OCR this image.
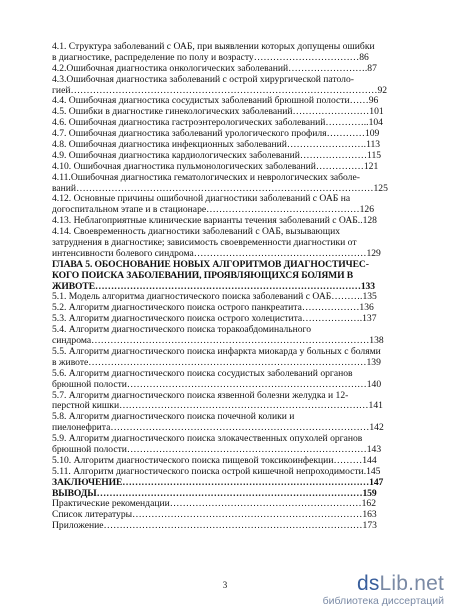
4.1. Структура заболеваний с ОАБ, при выявлении которых допущены ошибки
в диагностике, распределение по полу и возрасту……………………………86
4.2.Ошибочная диагностика онкологических заболеваний…………………….87
4.3.Ошибочная диагностика заболеваний с острой хирургической патоло-
гией……………………………………………………………………………………92
4.4. Ошибочная диагностика сосудистых заболеваний брюшной полости……96
4.5. Ошибки в диагностике гинекологических заболеваний……………………101
4.6. Ошибочная диагностика гастроэнтерологических заболеваний…………..104
4.7. Ошибочная диагностика заболеваний урологического профиля…………109
4.8. Ошибочная диагностика инфекционных заболеваний…………………….113
4.9. Ошибочная диагностика кардиологических заболеваний…………………115
4.10. Ошибочная диагностика пульмонологических заболеваний……………121
4.11.Ошибочная диагностика гематологических и неврологических заболе-
ваний…………………………………………………………………………………125
4.12. Основные причины ошибочной диагностики заболеваний с ОАБ на
догоспитальном этапе и в стационаре…………………………………………126
4.13. Неблагоприятные клинические варианты течения заболеваний с ОАБ..128
4.14. Своевременность диагностики заболеваний с ОАБ, вызывающих
затруднения в диагностике; зависимость своевременности диагностики от
интенсивности болевого синдрома………………………………………………129
ГЛАВА 5. ОБОСНОВАНИЕ НОВЫХ АЛГОРИТМОВ ДИАГНОСТИЧЕС-
КОГО ПОИСКА ЗАБОЛЕВАНИЙ, ПРОЯВЛЯЮЩИХСЯ БОЛЯМИ В
ЖИВОТЕ…………………………………………………………………………133
5.1. Модель алгоритма диагностического поиска заболеваний с ОАБ……….135
5.2. Алгоритм диагностического поиска острого панкреатита………………136
5.3. Алгоритм диагностического поиска острого холецистита……………….137
5.4. Алгоритм диагностического поиска торакоабдоминального
синдрома……………………………………………………………………………138
5.5. Алгоритм диагностического поиска инфаркта миокарда у больных с болями
в животе……………………………………………………………………………139
5.6. Алгоритм диагностического поиска сосудистых заболеваний органов
брюшной полости…………………………………………………………………140
5.7. Алгоритм диагностического поиска язвенной болезни желудка и 12-
перстной кишки……………………………………………………………………141
5.8. Алгоритм диагностического поиска почечной колики и
пиелонефрита………………………………………………………………………142
5.9. Алгоритм диагностического поиска злокачественных опухолей органов
брюшной полости…………………………………………………………………143
5.10. Алгоритм диагностического поиска пищевой токсикоинфекции………144
5.11. Алгоритм диагностического поиска острой кишечной непроходимости.145
ЗАКЛЮЧЕНИЕ……………………………………………………………………147
ВЫВОДЫ…………………………………………………………………………159
Практические рекомендации……………………………………………………162
Список литературы………………………………………………………………163
Приложение………………………………………………………………………173
3	dsLib.net
библиотека диссертаций
